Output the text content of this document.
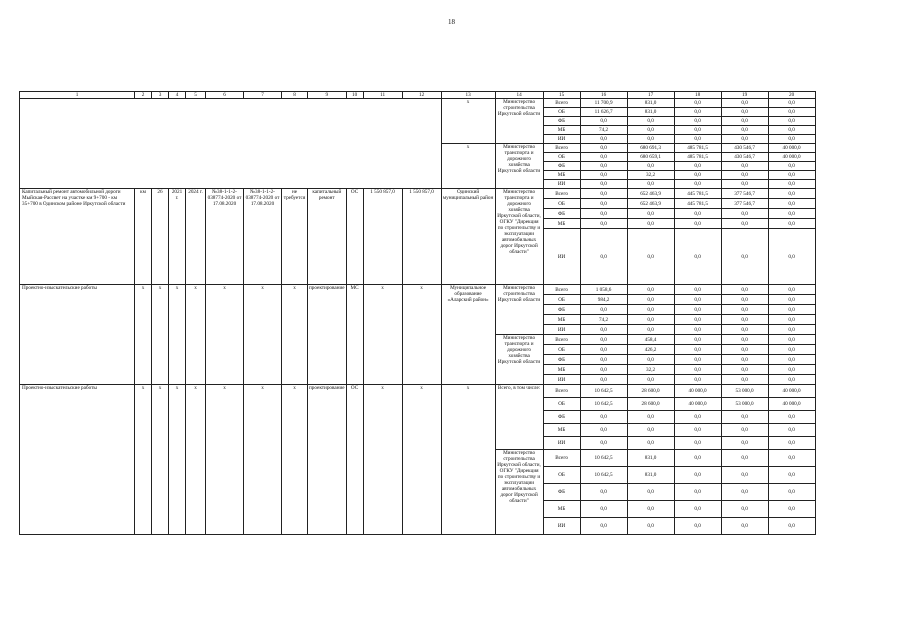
18
1	2	3	4	5	6	7	8	9	10	11	12	13	14	15	16	17	18	19	20
												х	Министерство строительства Иркутской области	Всего	11 700,9	831,0	0,0	0,0	0,0
														ОБ	11 626,7	831,0	0,0	0,0	0,0
														ФБ	0,0	0,0	0,0	0,0	0,0
														МБ	74,2	0,0	0,0	0,0	0,0
														ИИ	0,0	0,0	0,0	0,0	0,0
												х	Министерство транспорта и дорожного хозяйства Иркутской области	Всего	0,0	680 691,3	485 781,5	430 546,7	40 000,0
														ОБ	0,0	680 659,1	485 781,5	430 546,7	40 000,0
														ФБ	0,0	0,0	0,0	0,0	0,0
														МБ	0,0	32,2	0,0	0,0	0,0
														ИИ	0,0	0,0	0,0	0,0	0,0
Капитальный ремонт автомобильной дороги Мыйская-Рассвет на участке км 9+700 - км 35+700 в Одинском районе Иркутской области	км	26	2021 г.	2024 г.	№38-1-1-2-038774-2020 от 17.08.2020	№38-1-1-2-038774-2020 от 17.08.2020	не требуется	капитальный ремонт	ОС	1 550 857,0	1 550 857,0	Одинский муниципальный район	Министерство транспорта и дорожного хозяйства Иркутской области, ОГКУ "Дирекция по строительству и эксплуатации автомобильных дорог Иркутской области"	Всего	0,0	652 463,9	445 781,5	377 546,7	0,0
														ОБ	0,0	652 463,9	445 781,5	377 546,7	0,0
														ФБ	0,0	0,0	0,0	0,0	0,0
														МБ	0,0	0,0	0,0	0,0	0,0
														ИИ	0,0	0,0	0,0	0,0	0,0
Проектно-изыскательские работы	х	х	х	х	х	х	х	проектирование	МС	х	х	Муниципальное образование «Аларский район»	Министерство строительства Иркутской области	Всего	1 058,6	0,0	0,0	0,0	0,0
														ОБ	984,2	0,0	0,0	0,0	0,0
														ФБ	0,0	0,0	0,0	0,0	0,0
														МБ	74,2	0,0	0,0	0,0	0,0
														ИИ	0,0	0,0	0,0	0,0	0,0
													Министерство транспорта и дорожного хозяйства Иркутской области	Всего	0,0	458,4	0,0	0,0	0,0
														ОБ	0,0	426,2	0,0	0,0	0,0
														ФБ	0,0	0,0	0,0	0,0	0,0
														МБ	0,0	32,2	0,0	0,0	0,0
														ИИ	0,0	0,0	0,0	0,0	0,0
Проектно-изыскательские работы	х	х	х	х	х	х	х	проектирование	ОС	х	х	х	Всего, в том числе:	Всего	10 642,5	28 600,0	40 000,0	53 000,0	40 000,0
														ОБ	10 642,5	28 600,0	40 000,0	53 000,0	40 000,0
														ФБ	0,0	0,0	0,0	0,0	0,0
														МБ	0,0	0,0	0,0	0,0	0,0
														ИИ	0,0	0,0	0,0	0,0	0,0
													Министерство строительства Иркутской области, ОГКУ "Дирекция по строительству и эксплуатации автомобильных дорог Иркутской области"	Всего	10 642,5	831,0	0,0	0,0	0,0
														ОБ	10 642,5	831,0	0,0	0,0	0,0
														ФБ	0,0	0,0	0,0	0,0	0,0
														МБ	0,0	0,0	0,0	0,0	0,0
														ИИ	0,0	0,0	0,0	0,0	0,0
